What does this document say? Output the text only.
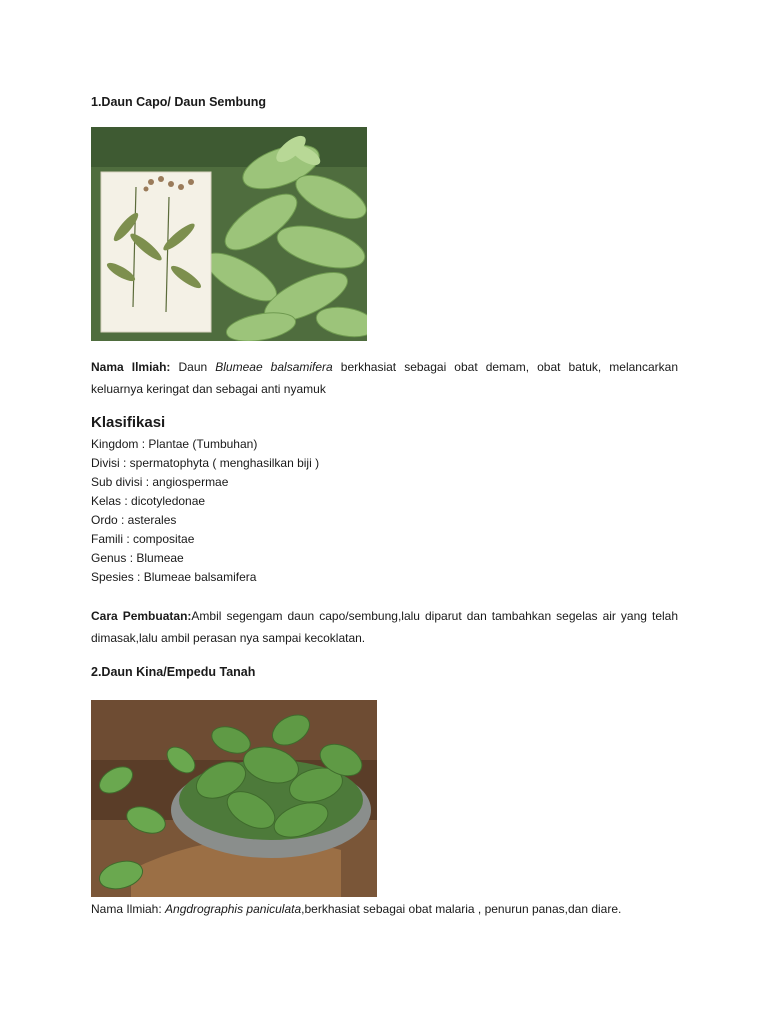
1.Daun Capo/ Daun Sembung
Nama Ilmiah: Daun Blumeae balsamifera berkhasiat sebagai obat demam, obat batuk, melancarkan keluarnya keringat dan sebagai anti nyamuk
Klasifikasi
Kingdom : Plantae (Tumbuhan)
Divisi : spermatophyta ( menghasilkan biji )
Sub divisi : angiospermae
Kelas : dicotyledonae
Ordo : asterales
Famili : compositae
Genus : Blumeae
Spesies : Blumeae balsamifera
Cara Pembuatan:Ambil segengam daun capo/sembung,lalu diparut dan tambahkan segelas air yang telah dimasak,lalu ambil perasan nya sampai kecoklatan.
2.Daun Kina/Empedu Tanah
Nama Ilmiah: Angdrographis paniculata,berkhasiat sebagai obat malaria , penurun panas,dan diare.
